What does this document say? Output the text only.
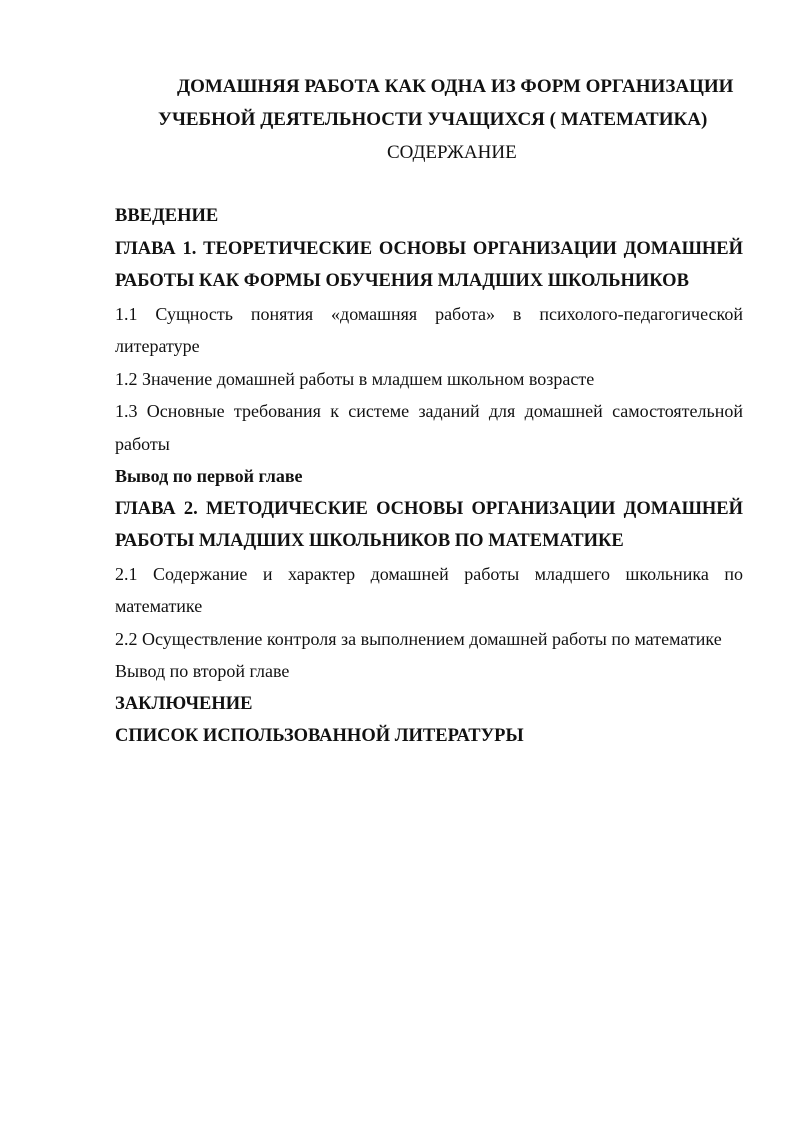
ДОМАШНЯЯ РАБОТА КАК ОДНА ИЗ ФОРМ ОРГАНИЗАЦИИ
УЧЕБНОЙ ДЕЯТЕЛЬНОСТИ УЧАЩИХСЯ ( МАТЕМАТИКА)
СОДЕРЖАНИЕ

ВВЕДЕНИЕ

ГЛАВА 1. ТЕОРЕТИЧЕСКИЕ ОСНОВЫ ОРГАНИЗАЦИИ ДОМАШНЕЙ РАБОТЫ КАК ФОРМЫ ОБУЧЕНИЯ МЛАДШИХ ШКОЛЬНИКОВ

1.1 Сущность понятия «домашняя работа» в психолого-педагогической литературе

1.2 Значение домашней работы в младшем школьном возрасте

1.3 Основные требования к системе заданий для домашней самостоятельной работы

Вывод по первой главе

ГЛАВА 2. МЕТОДИЧЕСКИЕ ОСНОВЫ ОРГАНИЗАЦИИ ДОМАШНЕЙ РАБОТЫ МЛАДШИХ ШКОЛЬНИКОВ ПО МАТЕМАТИКЕ

2.1 Содержание и характер домашней работы младшего школьника по математике

2.2 Осуществление контроля за выполнением домашней работы по математике

Вывод по второй главе

ЗАКЛЮЧЕНИЕ

СПИСОК ИСПОЛЬЗОВАННОЙ ЛИТЕРАТУРЫ
